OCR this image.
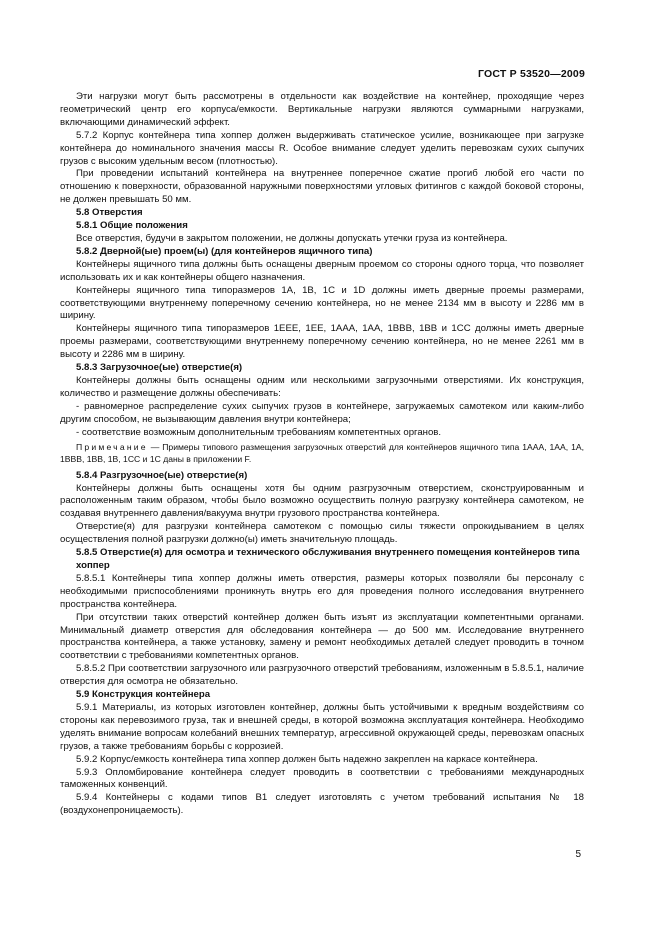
ГОСТ Р 53520—2009

Эти нагрузки могут быть рассмотрены в отдельности как воздействие на контейнер, проходящие через геометрический центр его корпуса/емкости. Вертикальные нагрузки являются суммарными нагрузками, включающими динамический эффект.

5.7.2 Корпус контейнера типа хоппер должен выдерживать статическое усилие, возникающее при загрузке контейнера до номинального значения массы R. Особое внимание следует уделить перевозкам сухих сыпучих грузов с высоким удельным весом (плотностью).

При проведении испытаний контейнера на внутреннее поперечное сжатие прогиб любой его части по отношению к поверхности, образованной наружными поверхностями угловых фитингов с каждой боковой стороны, не должен превышать 50 мм.

5.8 Отверстия

5.8.1 Общие положения

Все отверстия, будучи в закрытом положении, не должны допускать утечки груза из контейнера.

5.8.2 Дверной(ые) проем(ы) (для контейнеров ящичного типа)

Контейнеры ящичного типа должны быть оснащены дверным проемом со стороны одного торца, что позволяет использовать их и как контейнеры общего назначения.

Контейнеры ящичного типа типоразмеров 1А, 1В, 1С и 1D должны иметь дверные проемы размерами, соответствующими внутреннему поперечному сечению контейнера, но не менее 2134 мм в высоту и 2286 мм в ширину.

Контейнеры ящичного типа типоразмеров 1ЕЕЕ, 1ЕЕ, 1ААА, 1АА, 1ВВВ, 1ВВ и 1СС должны иметь дверные проемы размерами, соответствующими внутреннему поперечному сечению контейнера, но не менее 2261 мм в высоту и 2286 мм в ширину.

5.8.3 Загрузочное(ые) отверстие(я)

Контейнеры должны быть оснащены одним или несколькими загрузочными отверстиями. Их конструкция, количество и размещение должны обеспечивать:

- равномерное распределение сухих сыпучих грузов в контейнере, загружаемых самотеком или каким-либо другим способом, не вызывающим давления внутри контейнера;

- соответствие возможным дополнительным требованиям компетентных органов.

Примечание — Примеры типового размещения загрузочных отверстий для контейнеров ящичного типа 1ААА, 1АА, 1А, 1ВВВ, 1ВВ, 1В, 1СС и 1С даны в приложении F.

5.8.4 Разгрузочное(ые) отверстие(я)

Контейнеры должны быть оснащены хотя бы одним разгрузочным отверстием, сконструированным и расположенным таким образом, чтобы было возможно осуществить полную разгрузку контейнера самотеком, не создавая внутреннего давления/вакуума внутри грузового пространства контейнера.

Отверстие(я) для разгрузки контейнера самотеком с помощью силы тяжести опрокидыванием в целях осуществления полной разгрузки должно(ы) иметь значительную площадь.

5.8.5 Отверстие(я) для осмотра и технического обслуживания внутреннего помещения контейнеров типа хоппер

5.8.5.1 Контейнеры типа хоппер должны иметь отверстия, размеры которых позволяли бы персоналу с необходимыми приспособлениями проникнуть внутрь его для проведения полного исследования внутреннего пространства контейнера.

При отсутствии таких отверстий контейнер должен быть изъят из эксплуатации компетентными органами. Минимальный диаметр отверстия для обследования контейнера — до 500 мм. Исследование внутреннего пространства контейнера, а также установку, замену и ремонт необходимых деталей следует проводить в точном соответствии с требованиями компетентных органов.

5.8.5.2 При соответствии загрузочного или разгрузочного отверстий требованиям, изложенным в 5.8.5.1, наличие отверстия для осмотра не обязательно.

5.9 Конструкция контейнера

5.9.1 Материалы, из которых изготовлен контейнер, должны быть устойчивыми к вредным воздействиям со стороны как перевозимого груза, так и внешней среды, в которой возможна эксплуатация контейнера. Необходимо уделять внимание вопросам колебаний внешних температур, агрессивной окружающей среды, перевозкам опасных грузов, а также требованиям борьбы с коррозией.

5.9.2 Корпус/емкость контейнера типа хоппер должен быть надежно закреплен на каркасе контейнера.

5.9.3 Опломбирование контейнера следует проводить в соответствии с требованиями международных таможенных конвенций.

5.9.4 Контейнеры с кодами типов В1 следует изготовлять с учетом требований испытания № 18 (воздухонепроницаемость).

5
